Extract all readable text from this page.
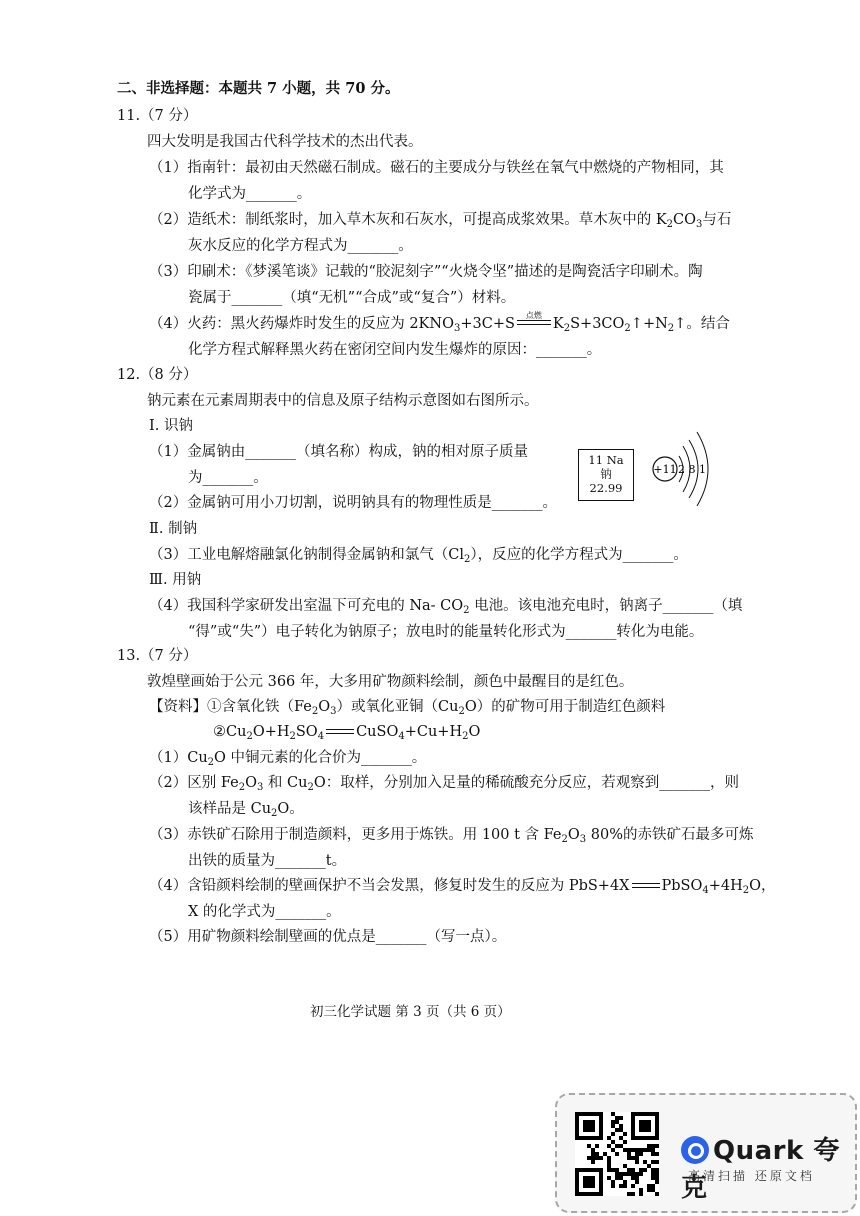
二、非选择题：本题共 7 小题，共 70 分。
11.（7 分）
四大发明是我国古代科学技术的杰出代表。
（1）指南针：最初由天然磁石制成。磁石的主要成分与铁丝在氧气中燃烧的产物相同，其
化学式为_______。
（2）造纸术：制纸浆时，加入草木灰和石灰水，可提高成浆效果。草木灰中的 $K_2CO_3$与石
灰水反应的化学方程式为_______。
（3）印刷术：《梦溪笔谈》记载的“胶泥刻字”“火烧令坚”描述的是陶瓷活字印刷术。陶
瓷属于_______（填“无机”“合成”或“复合”）材料。
（4）火药：黑火药爆炸时发生的反应为 $2KNO_3+3C+S$
点燃
$K_2S+3CO_2↑+N_2↑$。结合
化学方程式解释黑火药在密闭空间内发生爆炸的原因：_______。
12.（8 分）
钠元素在元素周期表中的信息及原子结构示意图如右图所示。
Ⅰ. 识钠
（1）金属钠由_______（填名称）构成，钠的相对原子质量
为_______。
（2）金属钠可用小刀切割，说明钠具有的物理性质是_______。
11 Na
钠
22.99
+11 2 8 1
Ⅱ. 制钠
（3）工业电解熔融氯化钠制得金属钠和氯气$(Cl_2)$，反应的化学方程式为_______。
Ⅲ. 用钠
（4）我国科学家研发出室温下可充电的 Na- $CO_2$ 电池。该电池充电时，钠离子_______（填
“得”或“失”）电子转化为钠原子；放电时的能量转化形式为_______转化为电能。
13.（7 分）
敦煌壁画始于公元 366 年，大多用矿物颜料绘制，颜色中最醒目的是红色。
【资料】①含氧化铁$(Fe_2O_3)$或氧化亚铜$(Cu_2O)$的矿物可用于制造红色颜料
$②Cu_2O+H_2SO_4$ $CuSO_4+Cu+H_2O$
$(1)Cu_2O$ 中铜元素的化合价为_______。
（2）区别 $Fe_2O_3$ 和 $Cu_2O$：取样，分别加入足量的稀硫酸充分反应，若观察到_______，则
该样品是 $Cu_2O$。
（3）赤铁矿石除用于制造颜料，更多用于炼铁。用 100 t 含 $Fe_2O_3$ 80%的赤铁矿石最多可炼
出铁的质量为_______t。
（4）含铅颜料绘制的壁画保护不当会发黑，修复时发生的反应为 PbS+4X $PbSO_4+4H_2O$，
X 的化学式为_______。
（5）用矿物颜料绘制壁画的优点是_______（写一点）。
初三化学试题 第 3 页（共 6 页）
Quark 夸克
高清扫描 还原文档
